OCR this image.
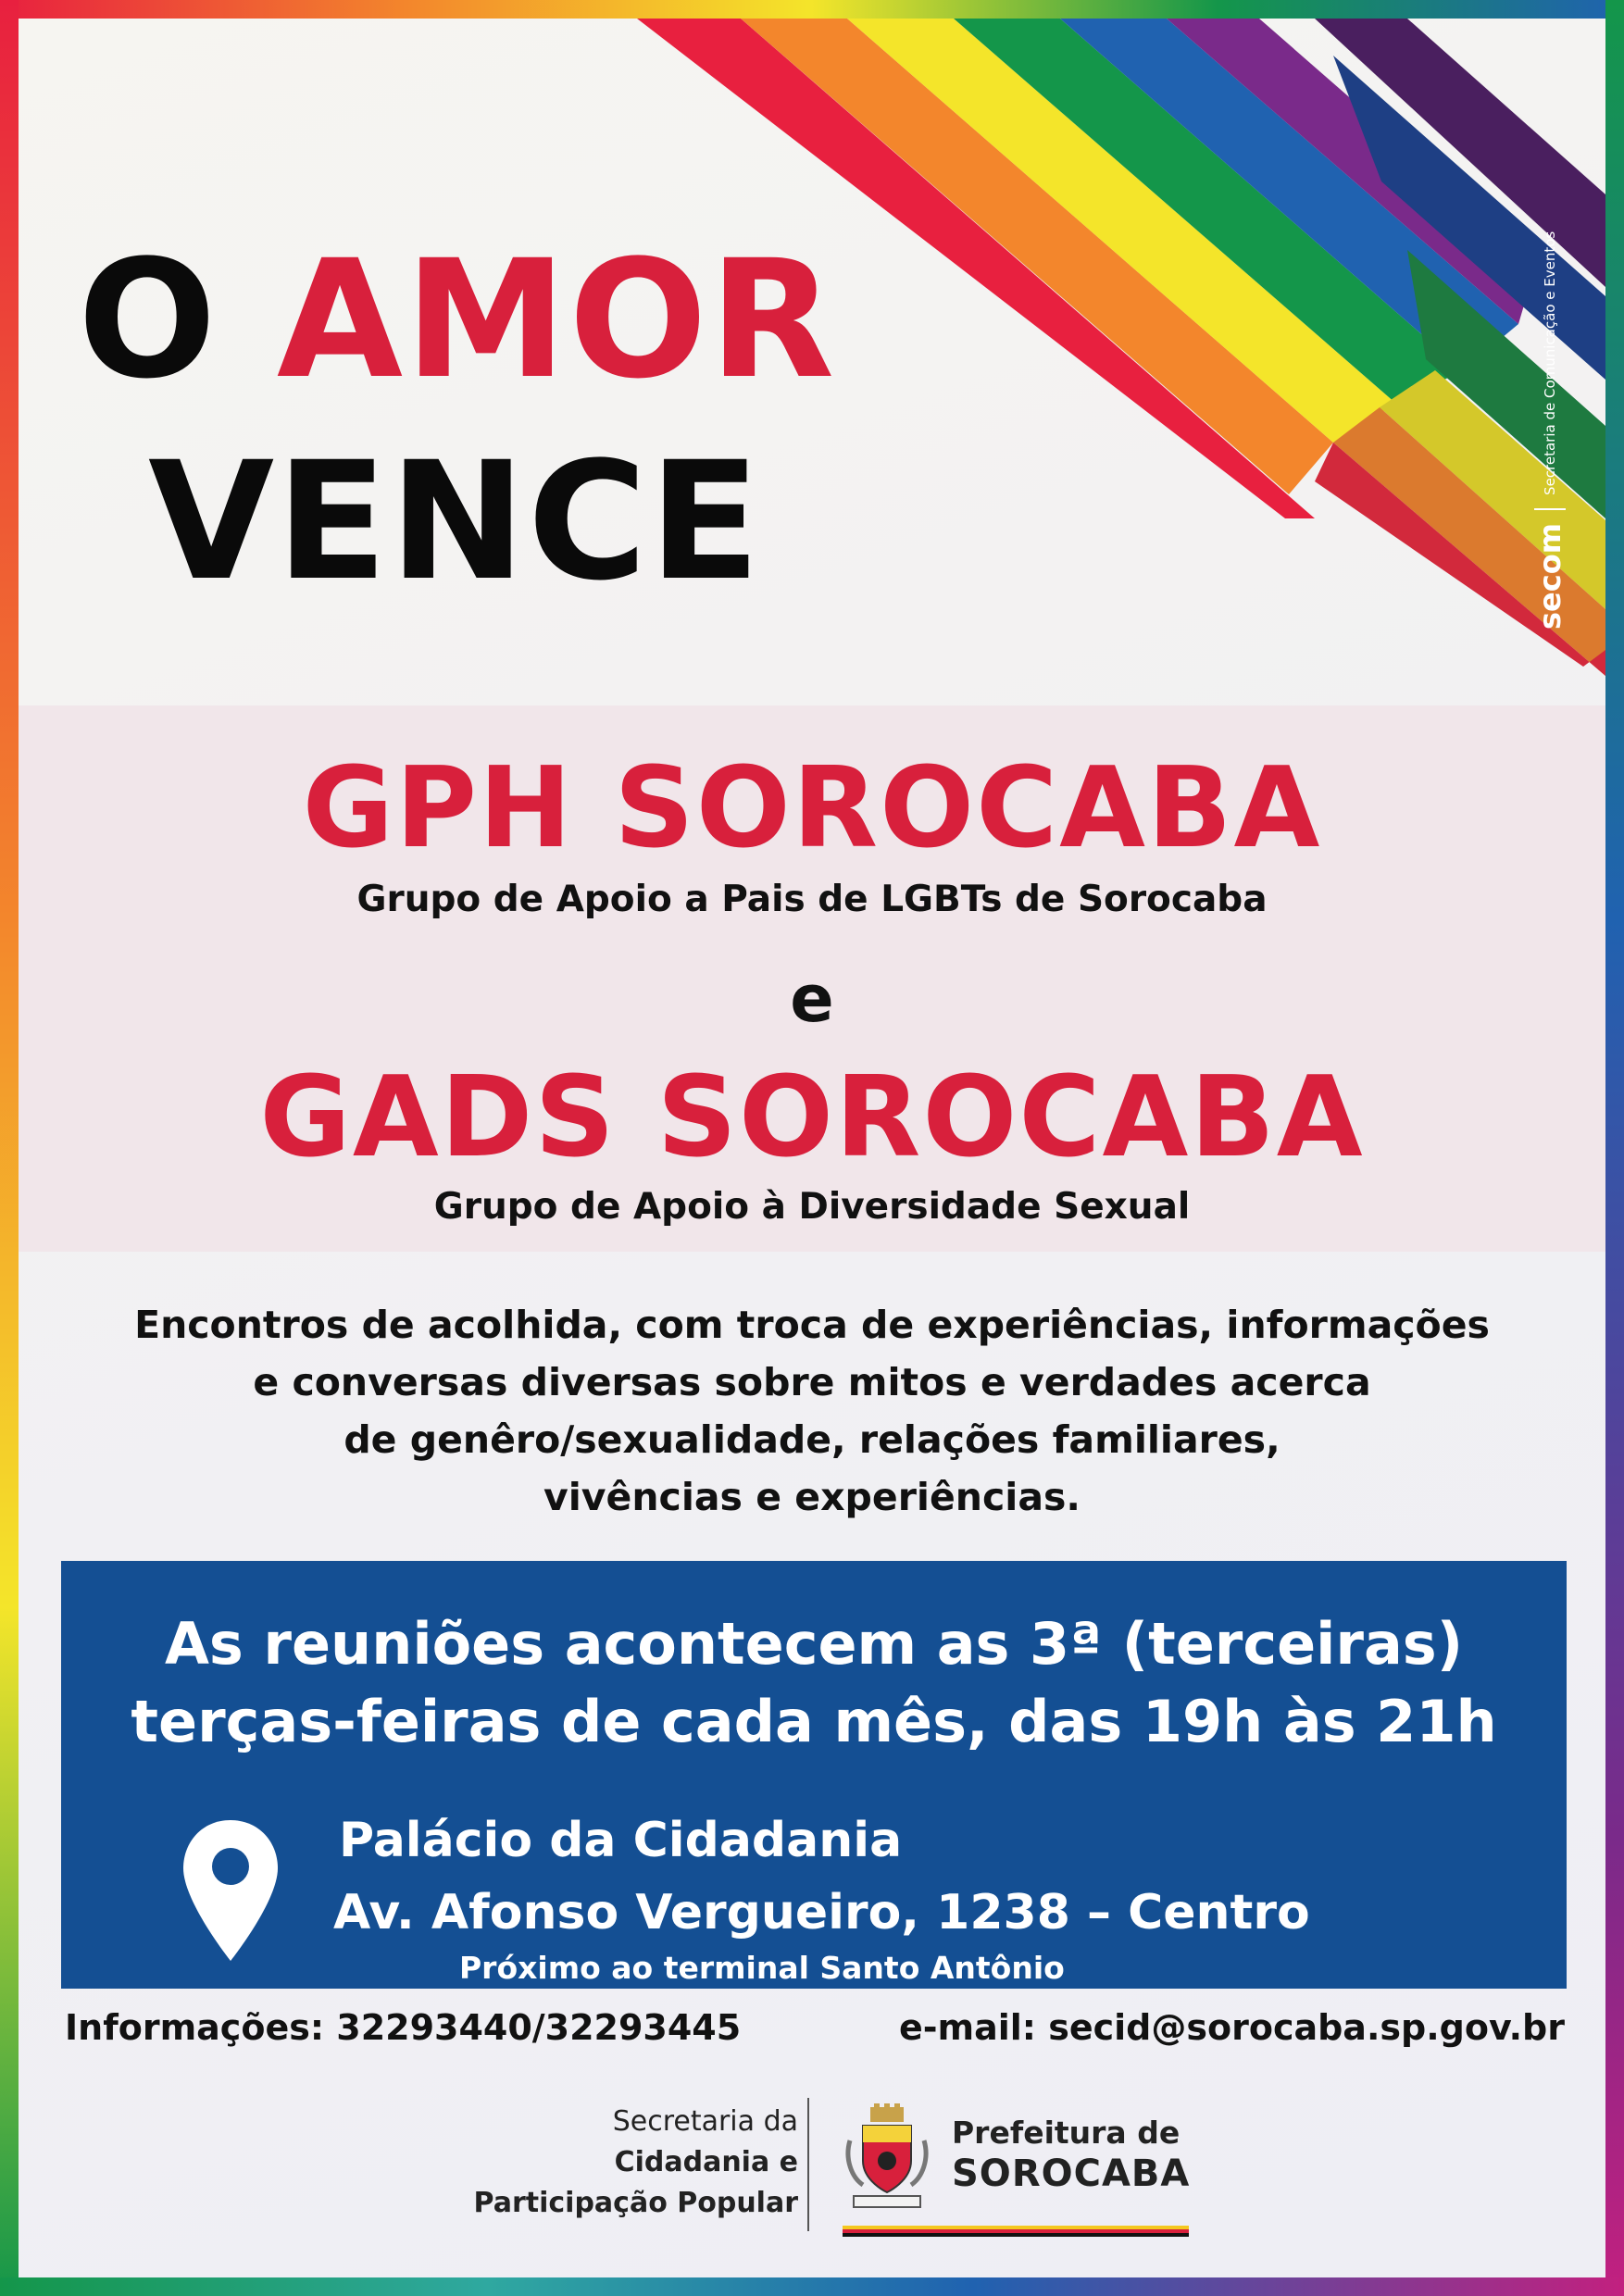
O AMOR
VENCE	secom
Secretaria de Comunicação e Eventos
GPH SOROCABA
Grupo de Apoio a Pais de LGBTs de Sorocaba
e
GADS SOROCABA
Grupo de Apoio à Diversidade Sexual
Encontros de acolhida, com troca de experiências, informações
e conversas diversas sobre mitos e verdades acerca
de genêro/sexualidade, relações familiares,
vivências e experiências.
As reuniões acontecem as 3ª (terceiras)
terças-feiras de cada mês, das 19h às 21h
Palácio da Cidadania
Av. Afonso Vergueiro, 1238 – Centro
Próximo ao terminal Santo Antônio
Informações: 32293440/32293445	e-mail: secid@sorocaba.sp.gov.br
Secretaria da
Cidadania e
Participação Popular
Prefeitura de
SOROCABA
